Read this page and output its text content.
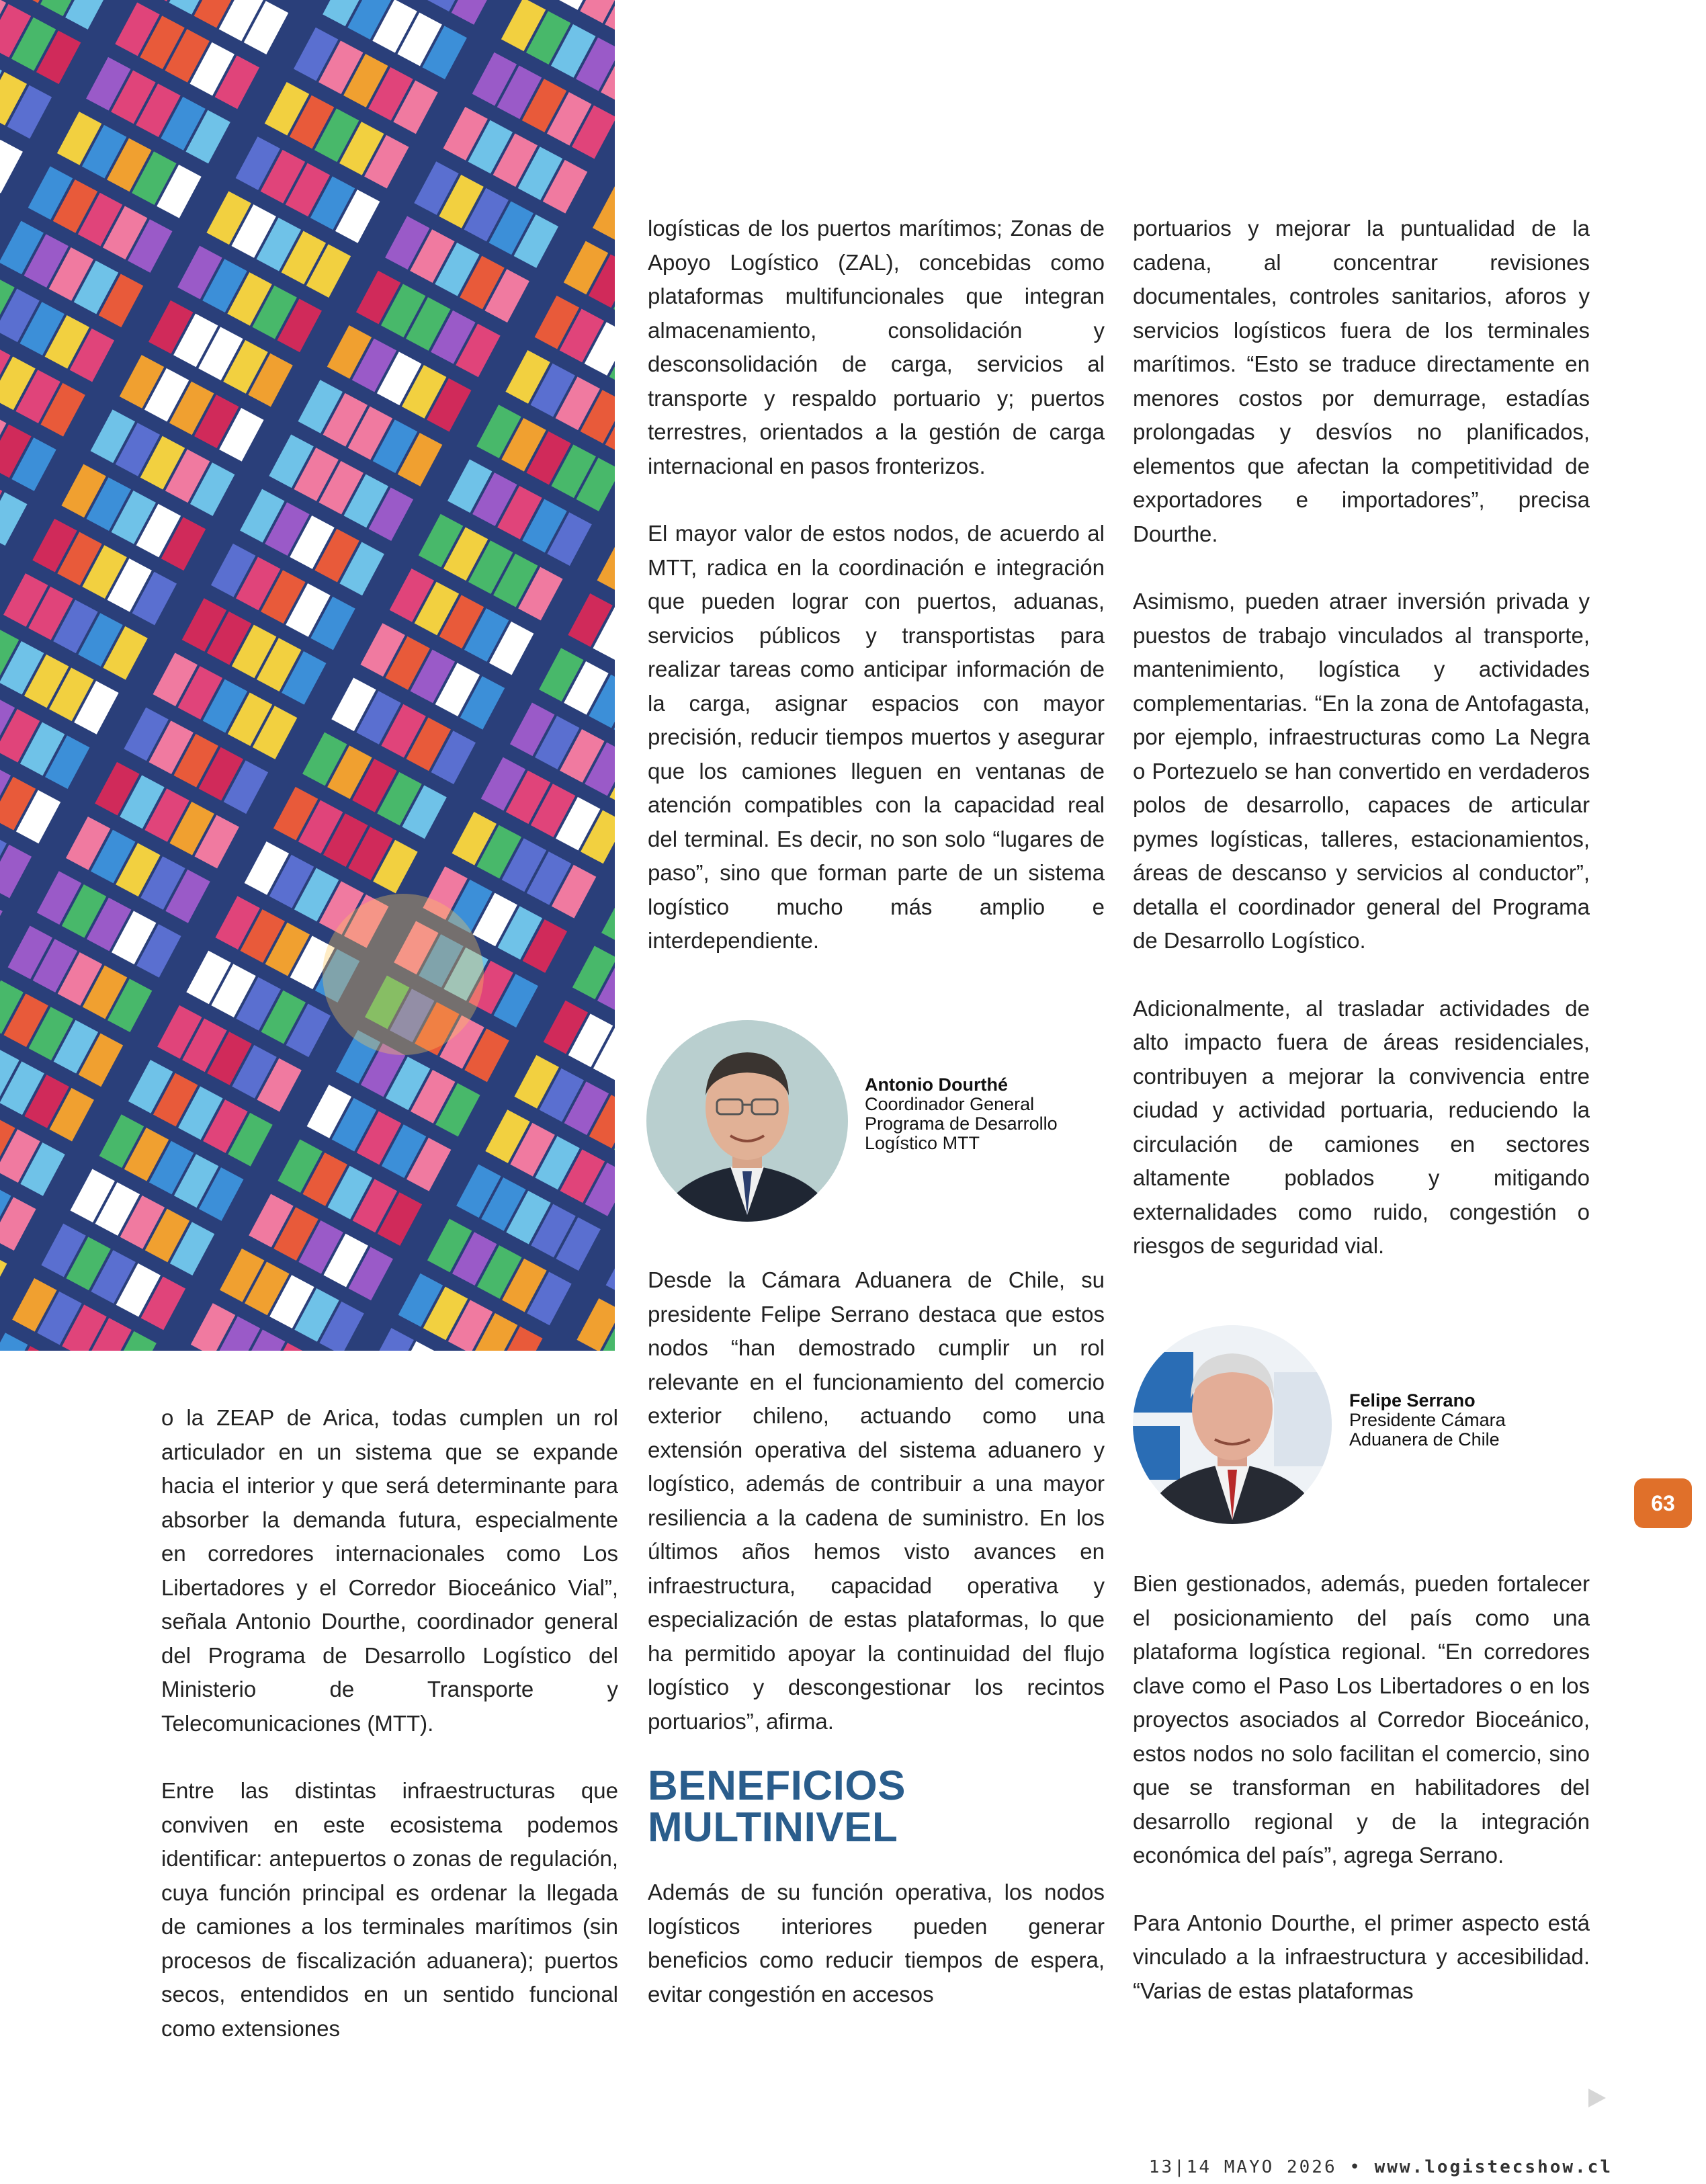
o la ZEAP de Arica, todas cumplen un rol articulador en un sistema que se expande hacia el interior y que será determinante para absorber la demanda futura, especialmente en corredores internacionales como Los Libertadores y el Corredor Bioceánico Vial”, señala Antonio Dourthe, coordinador general del Programa de Desarrollo Logístico del Ministerio de Transporte y Telecomunicaciones (MTT).

Entre las distintas infraestructuras que conviven en este ecosistema podemos identificar: antepuertos o zonas de regulación, cuya función principal es ordenar la llegada de camiones a los terminales marítimos (sin procesos de fiscalización aduanera); puertos secos, entendidos en un sentido funcional como extensiones

logísticas de los puertos marítimos; Zonas de Apoyo Logístico (ZAL), concebidas como plataformas multifuncionales que integran almacenamiento, consolidación y desconsolidación de carga, servicios al transporte y respaldo portuario y; puertos terrestres, orientados a la gestión de carga internacional en pasos fronterizos.

El mayor valor de estos nodos, de acuerdo al MTT, radica en la coordinación e integración que pueden lograr con puertos, aduanas, servicios públicos y transportistas para realizar tareas como anticipar información de la carga, asignar espacios con mayor precisión, reducir tiempos muertos y asegurar que los camiones lleguen en ventanas de atención compatibles con la capacidad real del terminal. Es decir, no son solo “lugares de paso”, sino que forman parte de un sistema logístico mucho más amplio e interdependiente.

Antonio Dourthé
Coordinador General
Programa de Desarrollo
Logístico MTT

Desde la Cámara Aduanera de Chile, su presidente Felipe Serrano destaca que estos nodos “han demostrado cumplir un rol relevante en el funcionamiento del comercio exterior chileno, actuando como una extensión operativa del sistema aduanero y logístico, además de contribuir a una mayor resiliencia a la cadena de suministro. En los últimos años hemos visto avances en infraestructura, capacidad operativa y especialización de estas plataformas, lo que ha permitido apoyar la continuidad del flujo logístico y descongestionar los recintos portuarios”, afirma.

BENEFICIOS
MULTINIVEL

Además de su función operativa, los nodos logísticos interiores pueden generar beneficios como reducir tiempos de espera, evitar congestión en accesos

portuarios y mejorar la puntualidad de la cadena, al concentrar revisiones documentales, controles sanitarios, aforos y servicios logísticos fuera de los terminales marítimos. “Esto se traduce directamente en menores costos por demurrage, estadías prolongadas y desvíos no planificados, elementos que afectan la competitividad de exportadores e importadores”, precisa Dourthe.

Asimismo, pueden atraer inversión privada y puestos de trabajo vinculados al transporte, mantenimiento, logística y actividades complementarias. “En la zona de Antofagasta, por ejemplo, infraestructuras como La Negra o Portezuelo se han convertido en verdaderos polos de desarrollo, capaces de articular pymes logísticas, talleres, estacionamientos, áreas de descanso y servicios al conductor”, detalla el coordinador general del Programa de Desarrollo Logístico.

Adicionalmente, al trasladar actividades de alto impacto fuera de áreas residenciales, contribuyen a mejorar la convivencia entre ciudad y actividad portuaria, reduciendo la circulación de camiones en sectores altamente poblados y mitigando externalidades como ruido, congestión o riesgos de seguridad vial.

Felipe Serrano
Presidente Cámara
Aduanera de Chile

Bien gestionados, además, pueden fortalecer el posicionamiento del país como una plataforma logística regional. “En corredores clave como el Paso Los Libertadores o en los proyectos asociados al Corredor Bioceánico, estos nodos no solo facilitan el comercio, sino que se transforman en habilitadores del desarrollo regional y de la integración económica del país”, agrega Serrano.

Para Antonio Dourthe, el primer aspecto está vinculado a la infraestructura y accesibilidad. “Varias de estas plataformas

63
13|14 MAYO 2026 • www.logistecshow.cl
